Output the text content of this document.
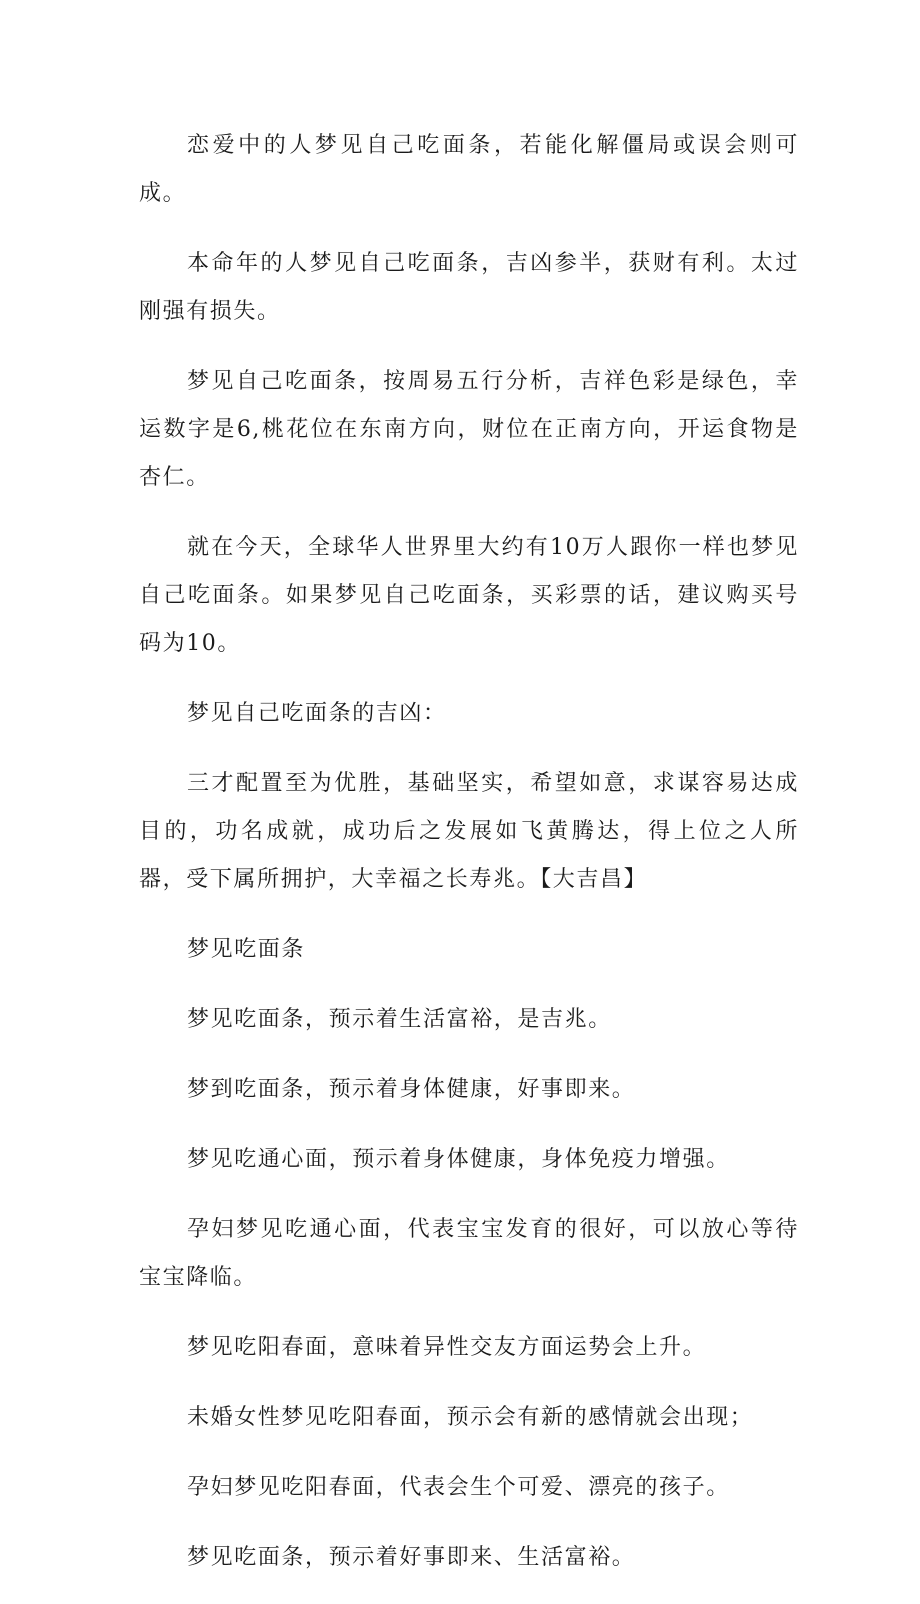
恋爱中的人梦见自己吃面条，若能化解僵局或误会则可成。

本命年的人梦见自己吃面条，吉凶参半，获财有利。太过刚强有损失。

梦见自己吃面条，按周易五行分析，吉祥色彩是绿色，幸运数字是6,桃花位在东南方向，财位在正南方向，开运食物是杏仁。

就在今天，全球华人世界里大约有10万人跟你一样也梦见自己吃面条。如果梦见自己吃面条，买彩票的话，建议购买号码为10。

梦见自己吃面条的吉凶：

三才配置至为优胜，基础坚实，希望如意，求谋容易达成目的，功名成就，成功后之发展如飞黄腾达，得上位之人所器，受下属所拥护，大幸福之长寿兆。【大吉昌】

梦见吃面条

梦见吃面条，预示着生活富裕，是吉兆。

梦到吃面条，预示着身体健康，好事即来。

梦见吃通心面，预示着身体健康，身体免疫力增强。

孕妇梦见吃通心面，代表宝宝发育的很好，可以放心等待宝宝降临。

梦见吃阳春面，意味着异性交友方面运势会上升。

未婚女性梦见吃阳春面，预示会有新的感情就会出现；

孕妇梦见吃阳春面，代表会生个可爱、漂亮的孩子。

梦见吃面条，预示着好事即来、生活富裕。
